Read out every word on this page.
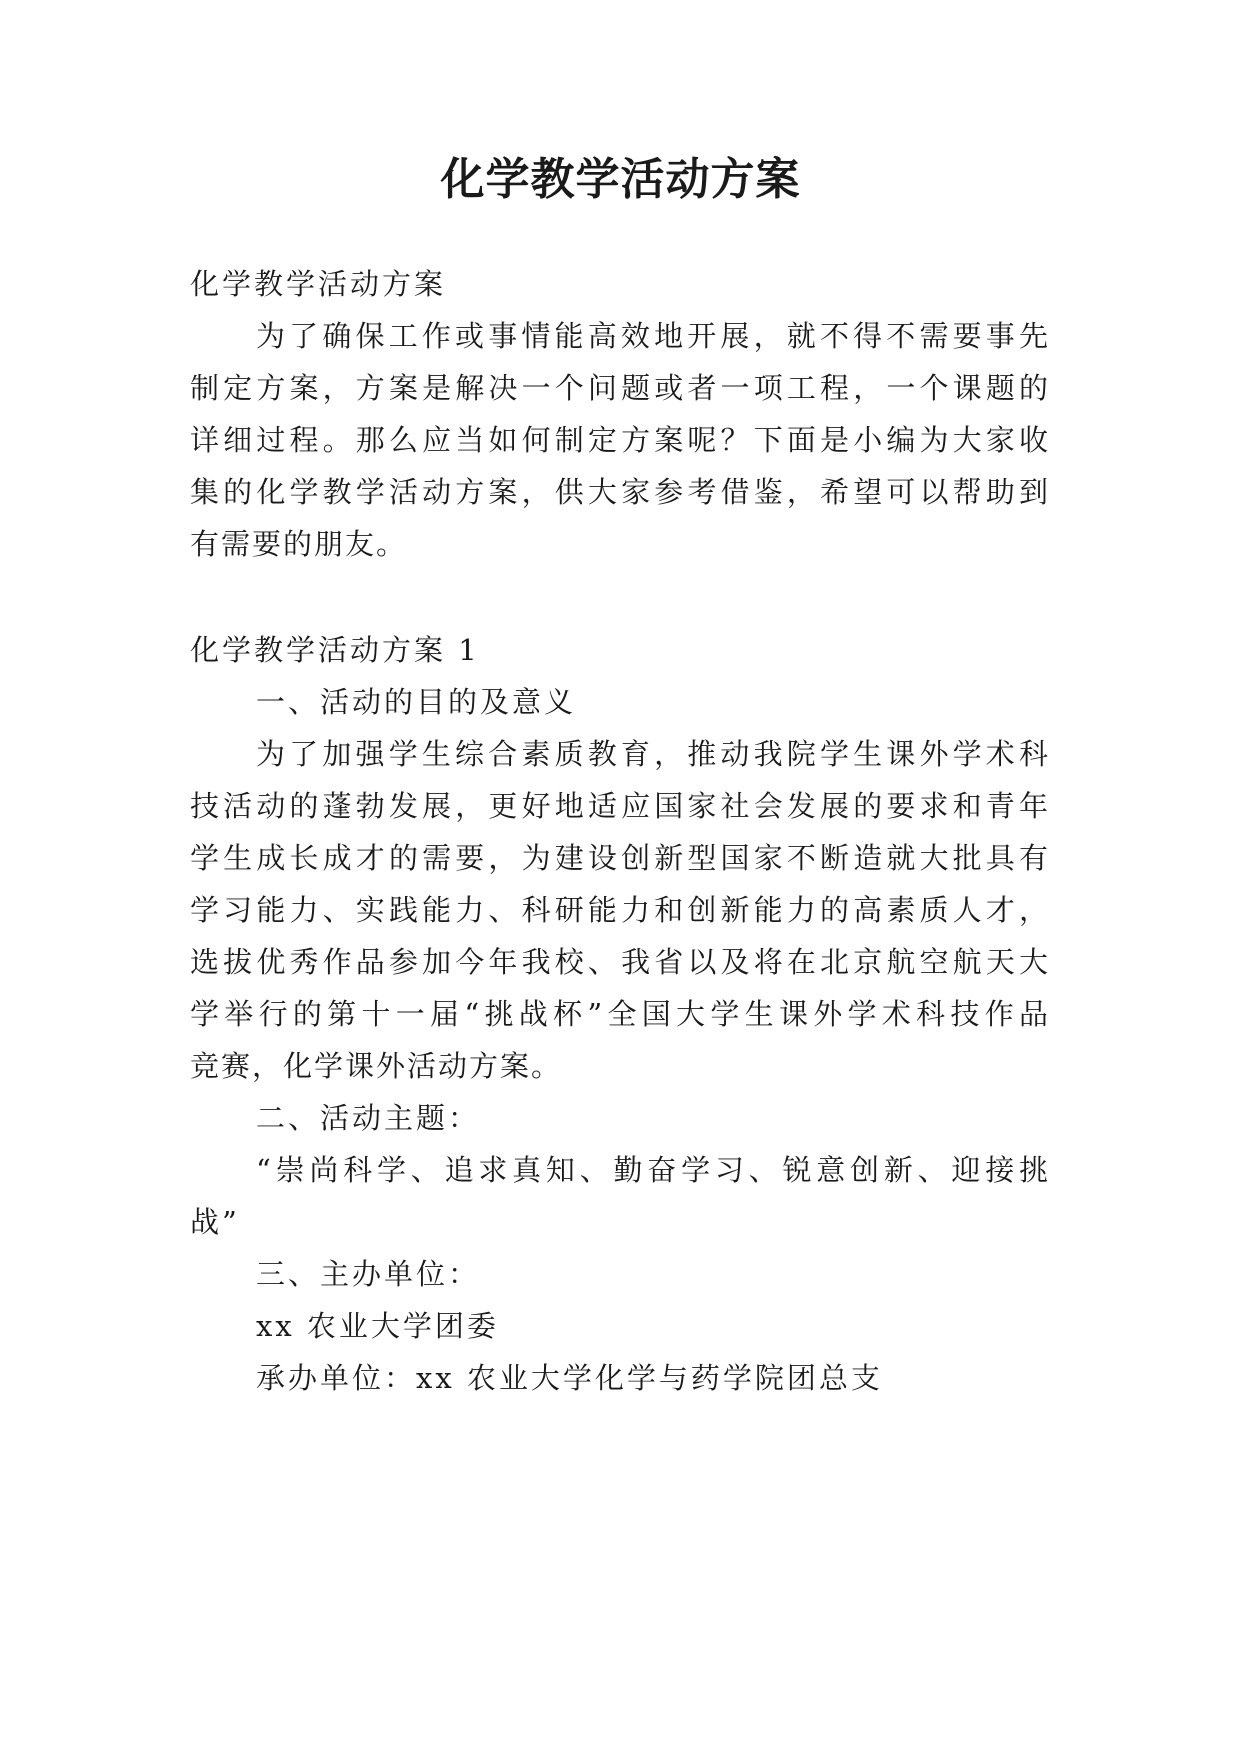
化学教学活动方案
化学教学活动方案
为了确保工作或事情能高效地开展，就不得不需要事先
制定方案，方案是解决一个问题或者一项工程，一个课题的
详细过程。那么应当如何制定方案呢？下面是小编为大家收
集的化学教学活动方案，供大家参考借鉴，希望可以帮助到
有需要的朋友。
化学教学活动方案 1
一、活动的目的及意义
为了加强学生综合素质教育，推动我院学生课外学术科
技活动的蓬勃发展，更好地适应国家社会发展的要求和青年
学生成长成才的需要，为建设创新型国家不断造就大批具有
学习能力、实践能力、科研能力和创新能力的高素质人才，
选拔优秀作品参加今年我校、我省以及将在北京航空航天大
学举行的第十一届“挑战杯”全国大学生课外学术科技作品
竞赛，化学课外活动方案。
二、活动主题：
“崇尚科学、追求真知、勤奋学习、锐意创新、迎接挑
战”
三、主办单位：
xx 农业大学团委
承办单位：xx 农业大学化学与药学院团总支
